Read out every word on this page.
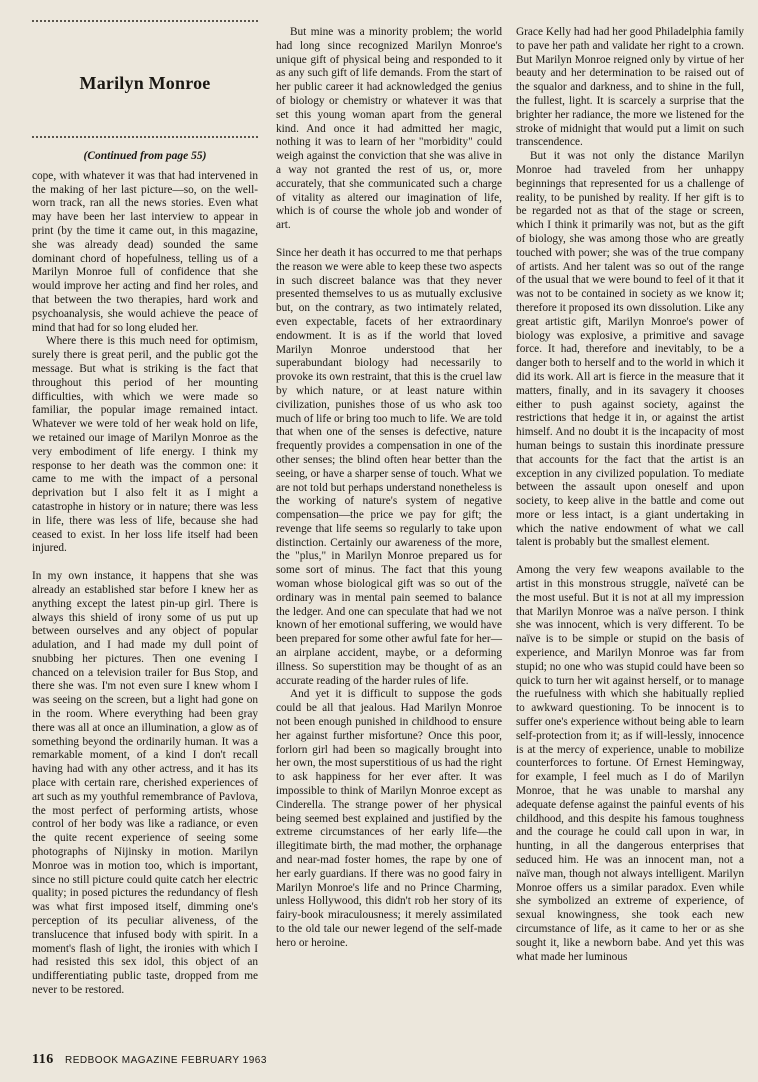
Marilyn Monroe
(Continued from page 55)

cope, with whatever it was that had intervened in the making of her last picture—so, on the well-worn track, ran all the news stories. Even what may have been her last interview to appear in print (by the time it came out, in this magazine, she was already dead) sounded the same dominant chord of hopefulness, telling us of a Marilyn Monroe full of confidence that she would improve her acting and find her roles, and that between the two therapies, hard work and psychoanalysis, she would achieve the peace of mind that had for so long eluded her.

Where there is this much need for optimism, surely there is great peril, and the public got the message. But what is striking is the fact that throughout this period of her mounting difficulties, with which we were made so familiar, the popular image remained intact. Whatever we were told of her weak hold on life, we retained our image of Marilyn Monroe as the very embodiment of life energy. I think my response to her death was the common one: it came to me with the impact of a personal deprivation but I also felt it as I might a catastrophe in history or in nature; there was less in life, there was less of life, because she had ceased to exist. In her loss life itself had been injured.

In my own instance, it happens that she was already an established star before I knew her as anything except the latest pin-up girl. There is always this shield of irony some of us put up between ourselves and any object of popular adulation, and I had made my dull point of snubbing her pictures. Then one evening I chanced on a television trailer for Bus Stop, and there she was. I'm not even sure I knew whom I was seeing on the screen, but a light had gone on in the room. Where everything had been gray there was all at once an illumination, a glow as of something beyond the ordinarily human. It was a remarkable moment, of a kind I don't recall having had with any other actress, and it has its place with certain rare, cherished experiences of art such as my youthful remembrance of Pavlova, the most perfect of performing artists, whose control of her body was like a radiance, or even the quite recent experience of seeing some photographs of Nijinsky in motion. Marilyn Monroe was in motion too, which is important, since no still picture could quite catch her electric quality; in posed pictures the redundancy of flesh was what first imposed itself, dimming one's perception of its peculiar aliveness, of the translucence that infused body with spirit. In a moment's flash of light, the ironies with which I had resisted this sex idol, this object of an undifferentiating public taste, dropped from me never to be restored.

But mine was a minority problem; the world had long since recognized Marilyn Monroe's unique gift of physical being and responded to it as any such gift of life demands. From the start of her public career it had acknowledged the genius of biology or chemistry or whatever it was that set this young woman apart from the general kind. And once it had admitted her magic, nothing it was to learn of her "morbidity" could weigh against the conviction that she was alive in a way not granted the rest of us, or, more accurately, that she communicated such a charge of vitality as altered our imagination of life, which is of course the whole job and wonder of art.

Since her death it has occurred to me that perhaps the reason we were able to keep these two aspects in such discreet balance was that they never presented themselves to us as mutually exclusive but, on the contrary, as two intimately related, even expectable, facets of her extraordinary endowment. It is as if the world that loved Marilyn Monroe understood that her superabundant biology had necessarily to provoke its own restraint, that this is the cruel law by which nature, or at least nature within civilization, punishes those of us who ask too much of life or bring too much to life. We are told that when one of the senses is defective, nature frequently provides a compensation in one of the other senses; the blind often hear better than the seeing, or have a sharper sense of touch. What we are not told but perhaps understand nonetheless is the working of nature's system of negative compensation—the price we pay for gift; the revenge that life seems so regularly to take upon distinction. Certainly our awareness of the more, the "plus," in Marilyn Monroe prepared us for some sort of minus. The fact that this young woman whose biological gift was so out of the ordinary was in mental pain seemed to balance the ledger. And one can speculate that had we not known of her emotional suffering, we would have been prepared for some other awful fate for her—an airplane accident, maybe, or a deforming illness. So superstition may be thought of as an accurate reading of the harder rules of life.

And yet it is difficult to suppose the gods could be all that jealous. Had Marilyn Monroe not been enough punished in childhood to ensure her against further misfortune? Once this poor, forlorn girl had been so magically brought into her own, the most superstitious of us had the right to ask happiness for her ever after. It was impossible to think of Marilyn Monroe except as Cinderella. The strange power of her physical being seemed best explained and justified by the extreme circumstances of her early life—the illegitimate birth, the mad mother, the orphanage and near-mad foster homes, the rape by one of her early guardians. If there was no good fairy in Marilyn Monroe's life and no Prince Charming, unless Hollywood, this didn't rob her story of its fairy-book miraculousness; it merely assimilated to the old tale our newer legend of the self-made hero or heroine.

Grace Kelly had had her good Philadelphia family to pave her path and validate her right to a crown. But Marilyn Monroe reigned only by virtue of her beauty and her determination to be raised out of the squalor and darkness, and to shine in the full, the fullest, light. It is scarcely a surprise that the brighter her radiance, the more we listened for the stroke of midnight that would put a limit on such transcendence.

But it was not only the distance Marilyn Monroe had traveled from her unhappy beginnings that represented for us a challenge of reality, to be punished by reality. If her gift is to be regarded not as that of the stage or screen, which I think it primarily was not, but as the gift of biology, she was among those who are greatly touched with power; she was of the true company of artists. And her talent was so out of the range of the usual that we were bound to feel of it that it was not to be contained in society as we know it; therefore it proposed its own dissolution. Like any great artistic gift, Marilyn Monroe's power of biology was explosive, a primitive and savage force. It had, therefore and inevitably, to be a danger both to herself and to the world in which it did its work. All art is fierce in the measure that it matters, finally, and in its savagery it chooses either to push against society, against the restrictions that hedge it in, or against the artist himself. And no doubt it is the incapacity of most human beings to sustain this inordinate pressure that accounts for the fact that the artist is an exception in any civilized population. To mediate between the assault upon oneself and upon society, to keep alive in the battle and come out more or less intact, is a giant undertaking in which the native endowment of what we call talent is probably but the smallest element.

Among the very few weapons available to the artist in this monstrous struggle, naïveté can be the most useful. But it is not at all my impression that Marilyn Monroe was a naïve person. I think she was innocent, which is very different. To be naïve is to be simple or stupid on the basis of experience, and Marilyn Monroe was far from stupid; no one who was stupid could have been so quick to turn her wit against herself, or to manage the ruefulness with which she habitually replied to awkward questioning. To be innocent is to suffer one's experience without being able to learn self-protection from it; as if will-lessly, innocence is at the mercy of experience, unable to mobilize counterforces to fortune. Of Ernest Hemingway, for example, I feel much as I do of Marilyn Monroe, that he was unable to marshal any adequate defense against the painful events of his childhood, and this despite his famous toughness and the courage he could call upon in war, in hunting, in all the dangerous enterprises that seduced him. He was an innocent man, not a naïve man, though not always intelligent. Marilyn Monroe offers us a similar paradox. Even while she symbolized an extreme of experience, of sexual knowingness, she took each new circumstance of life, as it came to her or as she sought it, like a newborn babe. And yet this was what made her luminous

116 REDBOOK MAGAZINE FEBRUARY 1963
